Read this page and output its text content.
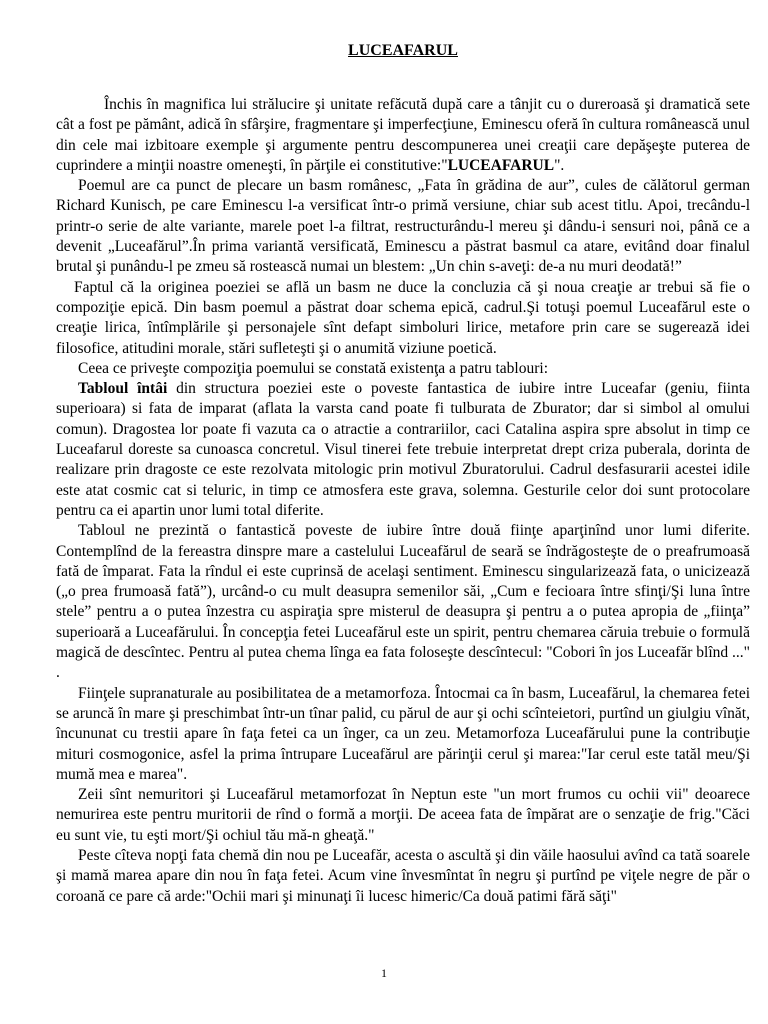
LUCEAFARUL

Închis în magnifica lui strălucire şi unitate refăcută după care a tânjit cu o dureroasă şi dramatică sete cât a fost pe pământ, adică în sfârşire, fragmentare şi imperfecţiune, Eminescu oferă în cultura românească unul din cele mai izbitoare exemple şi argumente pentru descompunerea unei creaţii care depăşeşte puterea de cuprindere a minţii noastre omeneşti, în părţile ei constitutive:"LUCEAFARUL".

Poemul are ca punct de plecare un basm românesc, „Fata în grădina de aur”, cules de călătorul german Richard Kunisch, pe care Eminescu l-a versificat într-o primă versiune, chiar sub acest titlu. Apoi, trecându-l printr-o serie de alte variante, marele poet l-a filtrat, restructurându-l mereu şi dându-i sensuri noi, până ce a devenit „Luceafărul”.În prima variantă versificată, Eminescu a păstrat basmul ca atare, evitând doar finalul brutal şi punându-l pe zmeu să rostească numai un blestem: „Un chin s-aveţi: de-a nu muri deodată!”

Faptul că la originea poeziei se află un basm ne duce la concluzia că şi noua creaţie ar trebui să fie o compoziţie epică. Din basm poemul a păstrat doar schema epică, cadrul.Şi totuşi poemul Luceafărul este o creaţie lirica, întîmplările şi personajele sînt defapt simboluri lirice, metafore prin care se sugerează idei filosofice, atitudini morale, stări sufleteşti şi o anumită viziune poetică.

Ceea ce priveşte compoziţia poemului se constată existenţa a patru tablouri:

Tabloul întâi din structura poeziei este o poveste fantastica de iubire intre Luceafar (geniu, fiinta superioara) si fata de imparat (aflata la varsta cand poate fi tulburata de Zburator; dar si simbol al omului comun). Dragostea lor poate fi vazuta ca o atractie a contrariilor, caci Catalina aspira spre absolut in timp ce Luceafarul doreste sa cunoasca concretul. Visul tinerei fete trebuie interpretat drept criza puberala, dorinta de realizare prin dragoste ce este rezolvata mitologic prin motivul Zburatorului. Cadrul desfasurarii acestei idile este atat cosmic cat si teluric, in timp ce atmosfera este grava, solemna. Gesturile celor doi sunt protocolare pentru ca ei apartin unor lumi total diferite.

Tabloul ne prezintă o fantastică poveste de iubire între două fiinţe aparţinînd unor lumi diferite. Contemplînd de la fereastra dinspre mare a castelului Luceafărul de seară se îndrăgosteşte de o preafrumoasă fată de împarat. Fata la rîndul ei este cuprinsă de acelaşi sentiment. Eminescu singularizează fata, o unicizează („o prea frumoasă fată”), urcând-o cu mult deasupra semenilor săi, „Cum e fecioara între sfinţi/Şi luna între stele” pentru a o putea înzestra cu aspiraţia spre misterul de deasupra şi pentru a o putea apropia de „fiinţa” superioară a Luceafărului. În concepţia fetei Luceafărul este un spirit, pentru chemarea căruia trebuie o formulă magică de descîntec. Pentru al putea chema lînga ea fata foloseşte descîntecul: "Cobori în jos Luceafăr blînd ..." .

Fiinţele supranaturale au posibilitatea de a metamorfoza. Întocmai ca în basm, Luceafărul, la chemarea fetei se aruncă în mare şi preschimbat într-un tînar palid, cu părul de aur şi ochi scînteietori, purtînd un giulgiu vînăt, încununat cu trestii apare în faţa fetei ca un înger, ca un zeu. Metamorfoza Luceafărului pune la contribuţie mituri cosmogonice, asfel la prima întrupare Luceafărul are părinţii cerul şi marea:"Iar cerul este tatăl meu/Şi mumă mea e marea".

Zeii sînt nemuritori şi Luceafărul metamorfozat în Neptun este "un mort frumos cu ochii vii" deoarece nemurirea este pentru muritorii de rînd o formă a morţii. De aceea fata de împărat are o senzaţie de frig."Căci eu sunt vie, tu eşti mort/Şi ochiul tău mă-n gheaţă."

Peste cîteva nopţi fata chemă din nou pe Luceafăr, acesta o ascultă şi din văile haosului avînd ca tată soarele şi mamă marea apare din nou în faţa fetei. Acum vine învesmîntat în negru şi purtînd pe viţele negre de păr o coroană ce pare că arde:"Ochii mari şi minunaţi îi lucesc himeric/Ca două patimi fără săţi"

1
